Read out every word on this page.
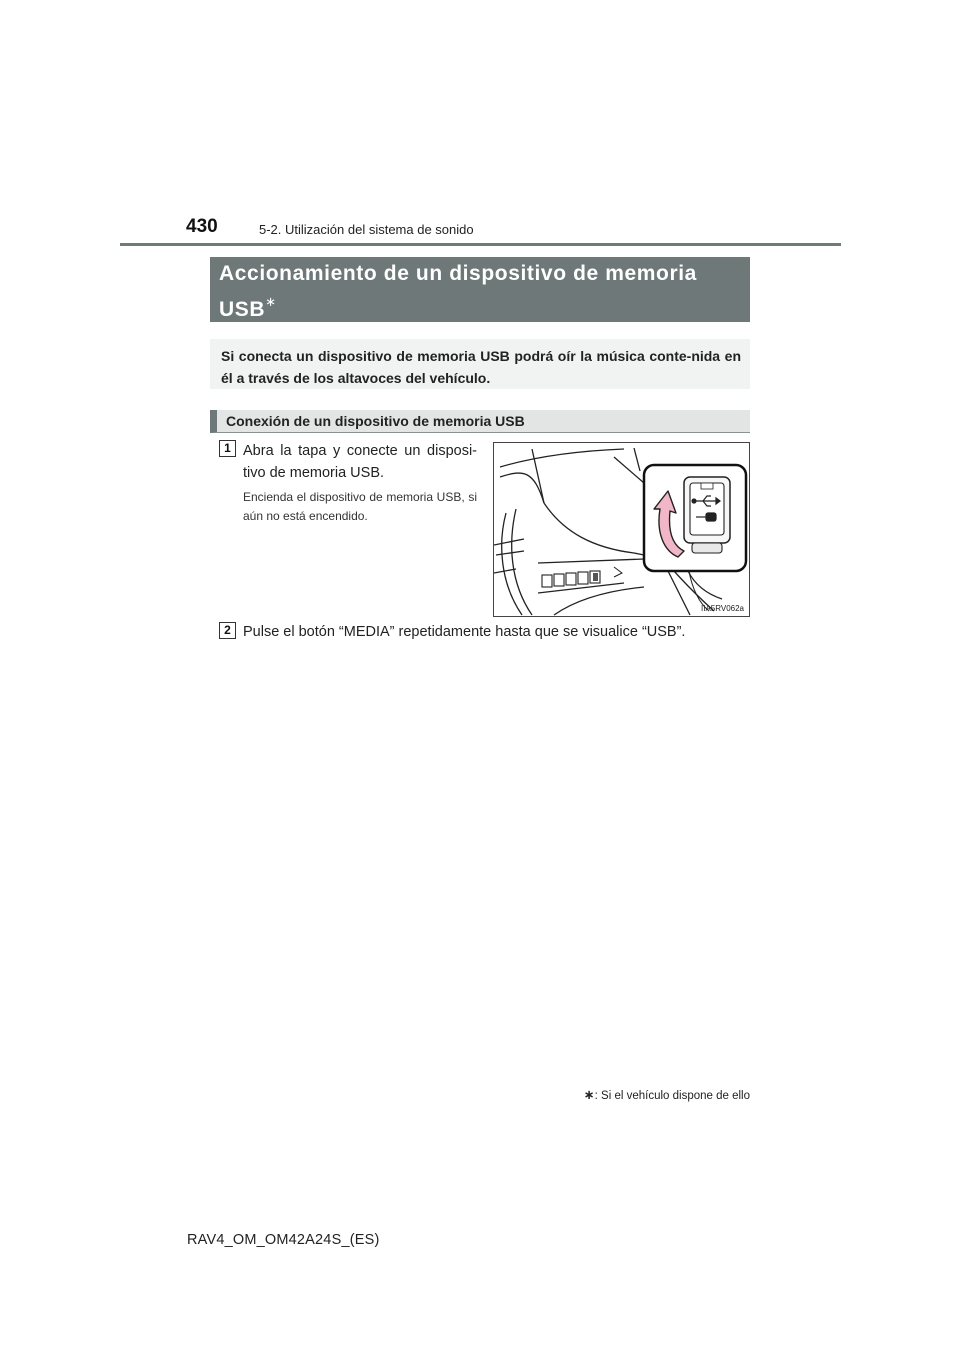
430	5-2. Utilización del sistema de sonido
Accionamiento de un dispositivo de memoria USB∗
Si conecta un dispositivo de memoria USB podrá oír la música conte-nida en él a través de los altavoces del vehículo.
Conexión de un dispositivo de memoria USB
1 Abra la tapa y conecte un disposi-tivo de memoria USB.
Encienda el dispositivo de memoria USB, si aún no está encendido.
IIA5RV062a
2 Pulse el botón “MEDIA” repetidamente hasta que se visualice “USB”.
∗: Si el vehículo dispone de ello
RAV4_OM_OM42A24S_(ES)
